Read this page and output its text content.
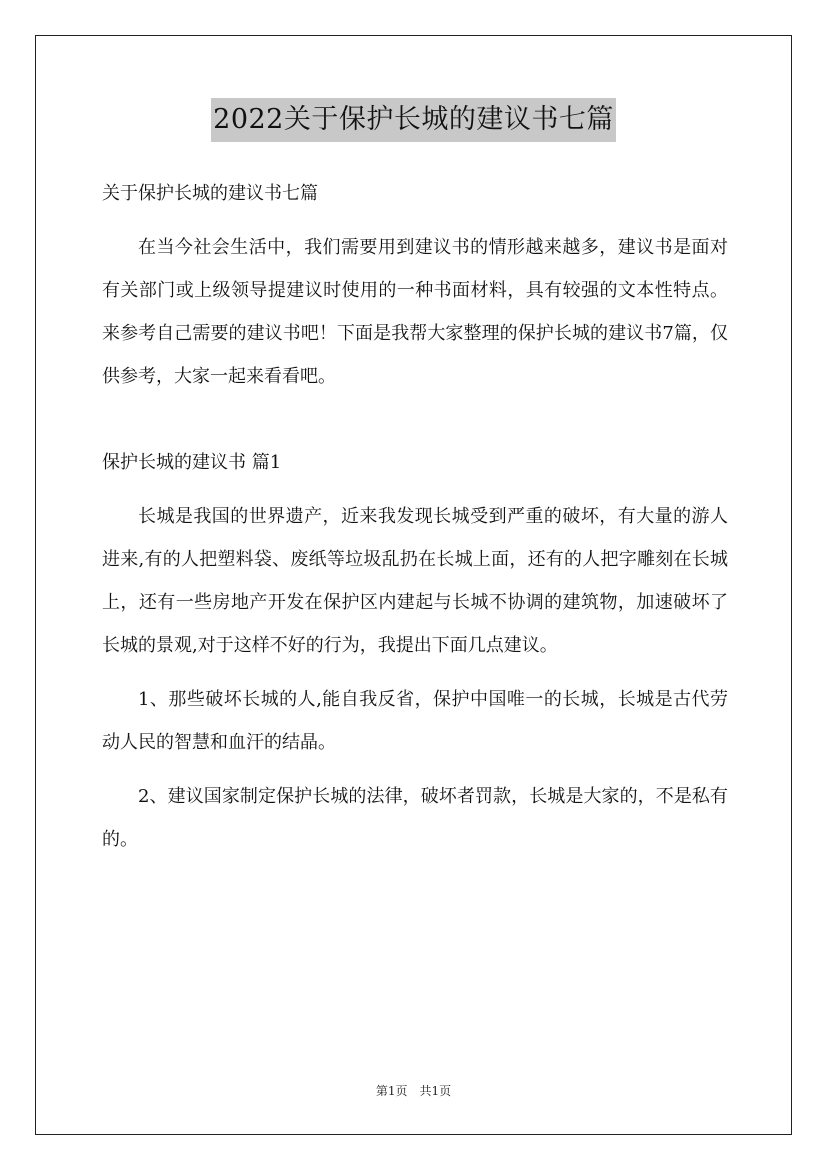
2022关于保护长城的建议书七篇

关于保护长城的建议书七篇

在当今社会生活中，我们需要用到建议书的情形越来越多，建议书是面对有关部门或上级领导提建议时使用的一种书面材料，具有较强的文本性特点。来参考自己需要的建议书吧！下面是我帮大家整理的保护长城的建议书7篇，仅供参考，大家一起来看看吧。

保护长城的建议书 篇1

长城是我国的世界遗产，近来我发现长城受到严重的破坏，有大量的游人进来,有的人把塑料袋、废纸等垃圾乱扔在长城上面，还有的人把字雕刻在长城上，还有一些房地产开发在保护区内建起与长城不协调的建筑物，加速破坏了长城的景观,对于这样不好的行为，我提出下面几点建议。

1、那些破坏长城的人,能自我反省，保护中国唯一的长城，长城是古代劳动人民的智慧和血汗的结晶。

2、建议国家制定保护长城的法律，破坏者罚款，长城是大家的，不是私有的。

第1页　共1页
